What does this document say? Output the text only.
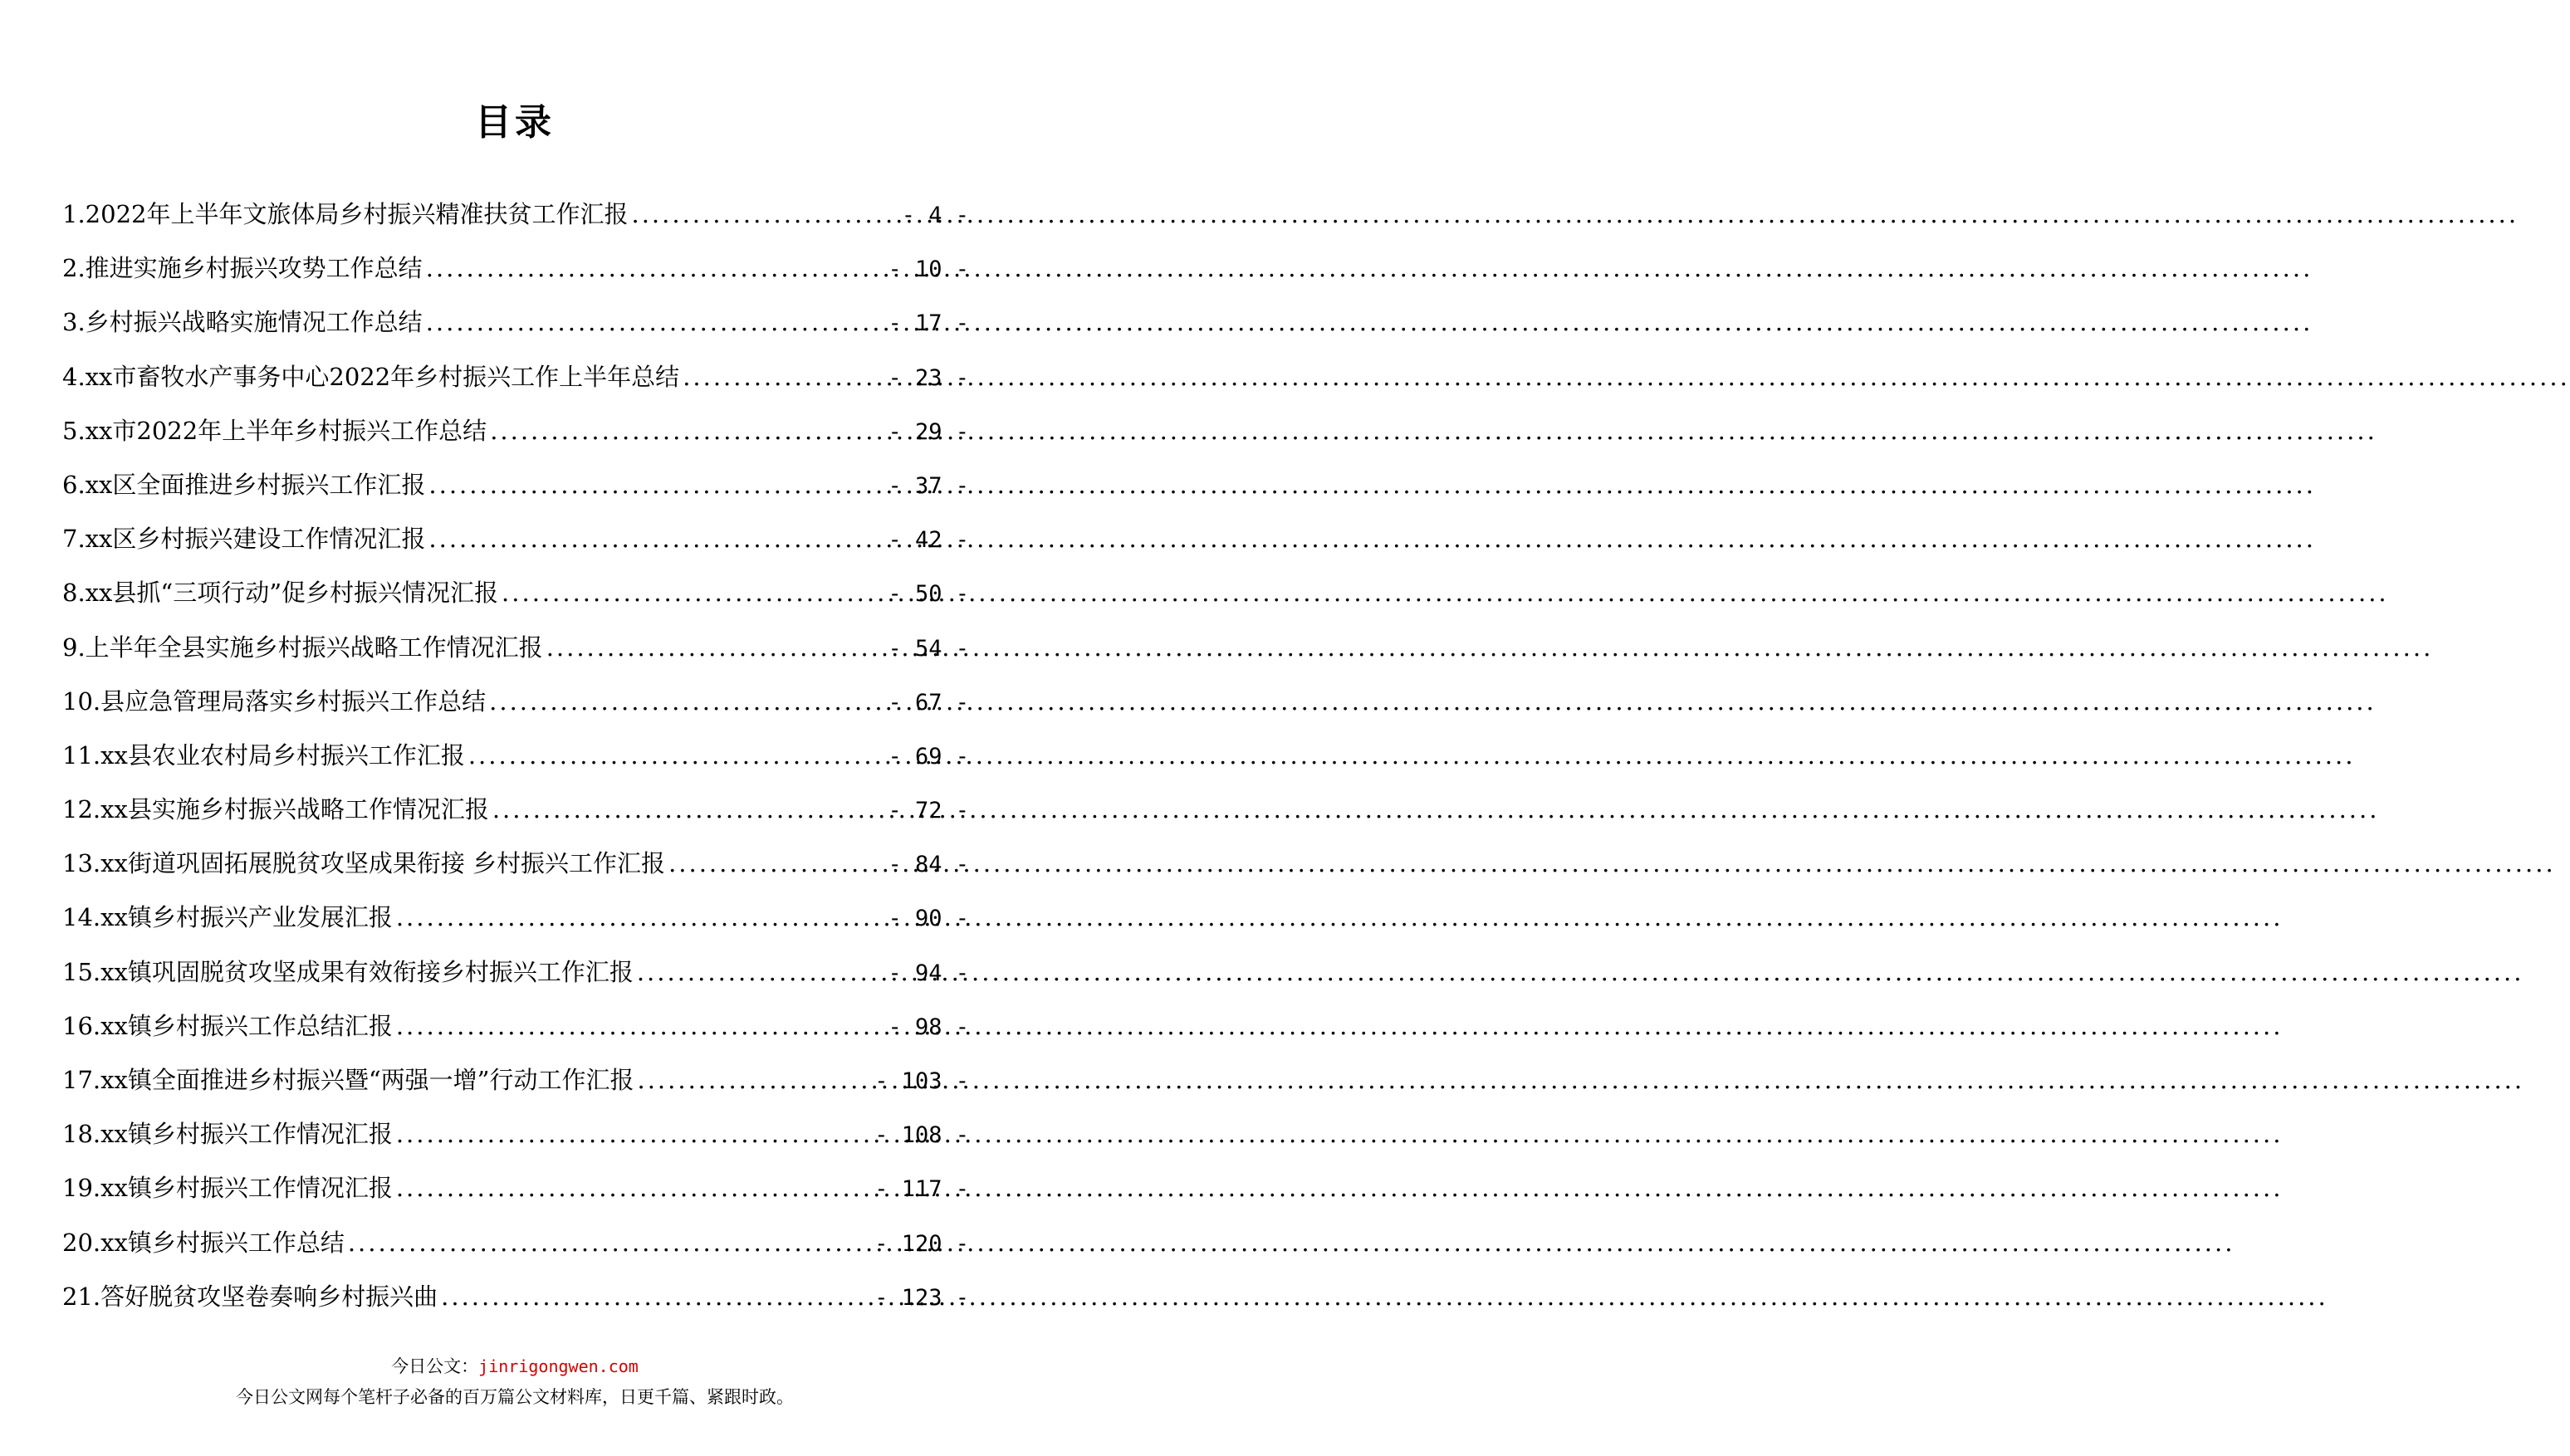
目录
1. 2022年上半年文旅体局乡村振兴精准扶贫工作汇报 .....	- 4 -
2. 推进实施乡村振兴攻势工作总结 .....	- 10 -
3. 乡村振兴战略实施情况工作总结 .....	- 17 -
4. xx市畜牧水产事务中心2022年乡村振兴工作上半年总结 .....	- 23 -
5. xx市2022年上半年乡村振兴工作总结 .....	- 29 -
6. xx区全面推进乡村振兴工作汇报 .....	- 37 -
7. xx区乡村振兴建设工作情况汇报 .....	- 42 -
8. xx县抓“三项行动”促乡村振兴情况汇报 .....	- 50 -
9. 上半年全县实施乡村振兴战略工作情况汇报 .....	- 54 -
10. 县应急管理局落实乡村振兴工作总结 .....	- 67 -
11. xx县农业农村局乡村振兴工作汇报 .....	- 69 -
12. xx县实施乡村振兴战略工作情况汇报 .....	- 72 -
13. xx街道巩固拓展脱贫攻坚成果衔接 乡村振兴工作汇报 .....	- 84 -
14. xx镇乡村振兴产业发展汇报 .....	- 90 -
15. xx镇巩固脱贫攻坚成果有效衔接乡村振兴工作汇报 .....	- 94 -
16. xx镇乡村振兴工作总结汇报 .....	- 98 -
17. xx镇全面推进乡村振兴暨“两强一增”行动工作汇报 .....	- 103 -
18. xx镇乡村振兴工作情况汇报 .....	- 108 -
19. xx镇乡村振兴工作情况汇报 .....	- 117 -
20. xx镇乡村振兴工作总结 .....	- 120 -
21. 答好脱贫攻坚卷奏响乡村振兴曲 .....	- 123 -
今日公文：jinrigongwen.com
今日公文网每个笔杆子必备的百万篇公文材料库，日更千篇、紧跟时政。
